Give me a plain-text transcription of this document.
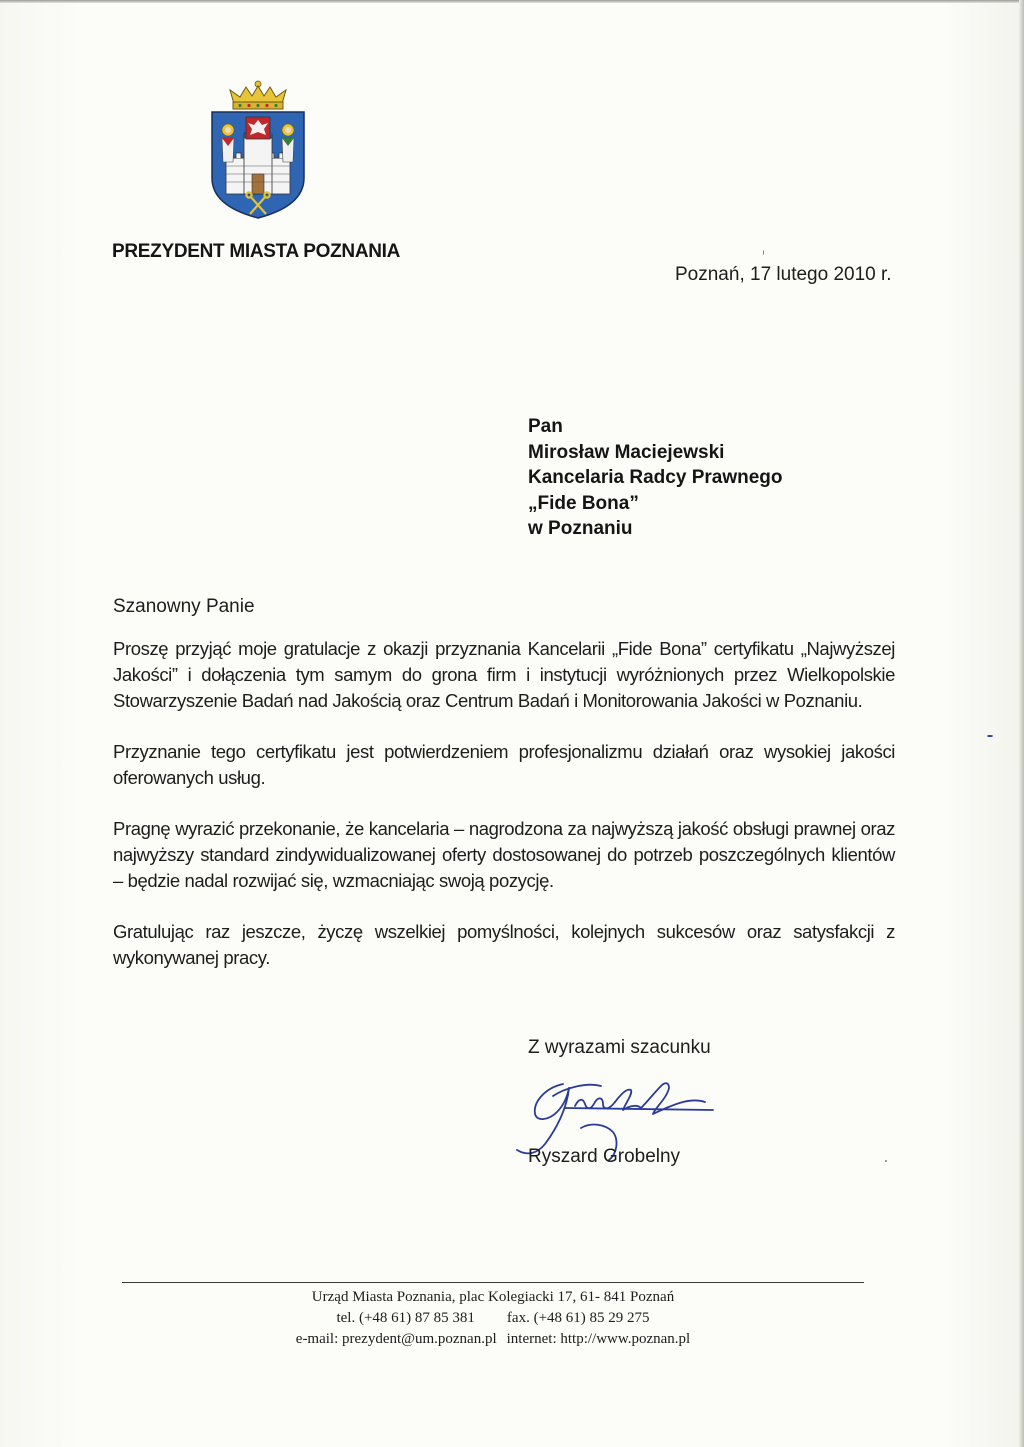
PREZYDENT MIASTA POZNANIA
Poznań, 17 lutego 2010 r.
Pan
Mirosław Maciejewski
Kancelaria Radcy Prawnego
„Fide Bona”
w Poznaniu
Szanowny Panie

Proszę przyjąć moje gratulacje z okazji przyznania Kancelarii „Fide Bona” certyfikatu „Najwyższej Jakości” i dołączenia tym samym do grona firm i instytucji wyróżnionych przez Wielkopolskie Stowarzyszenie Badań nad Jakością oraz Centrum Badań i Monitorowania Jakości w Poznaniu.

Przyznanie tego certyfikatu jest potwierdzeniem profesjonalizmu działań oraz wysokiej jakości oferowanych usług.

Pragnę wyrazić przekonanie, że kancelaria – nagrodzona za najwyższą jakość obsługi prawnej oraz najwyższy standard zindywidualizowanej oferty dostosowanej do potrzeb poszczególnych klientów – będzie nadal rozwijać się, wzmacniając swoją pozycję.

Gratulując raz jeszcze, życzę wszelkiej pomyślności, kolejnych sukcesów oraz satysfakcji z wykonywanej pracy.

Z wyrazami szacunku
Ryszard Grobelny
Urząd Miasta Poznania, plac Kolegiacki 17, 61- 841 Poznań
tel. (+48 61) 87 85 381 fax. (+48 61) 85 29 275
e-mail: prezydent@um.poznan.pl internet: http://www.poznan.pl
